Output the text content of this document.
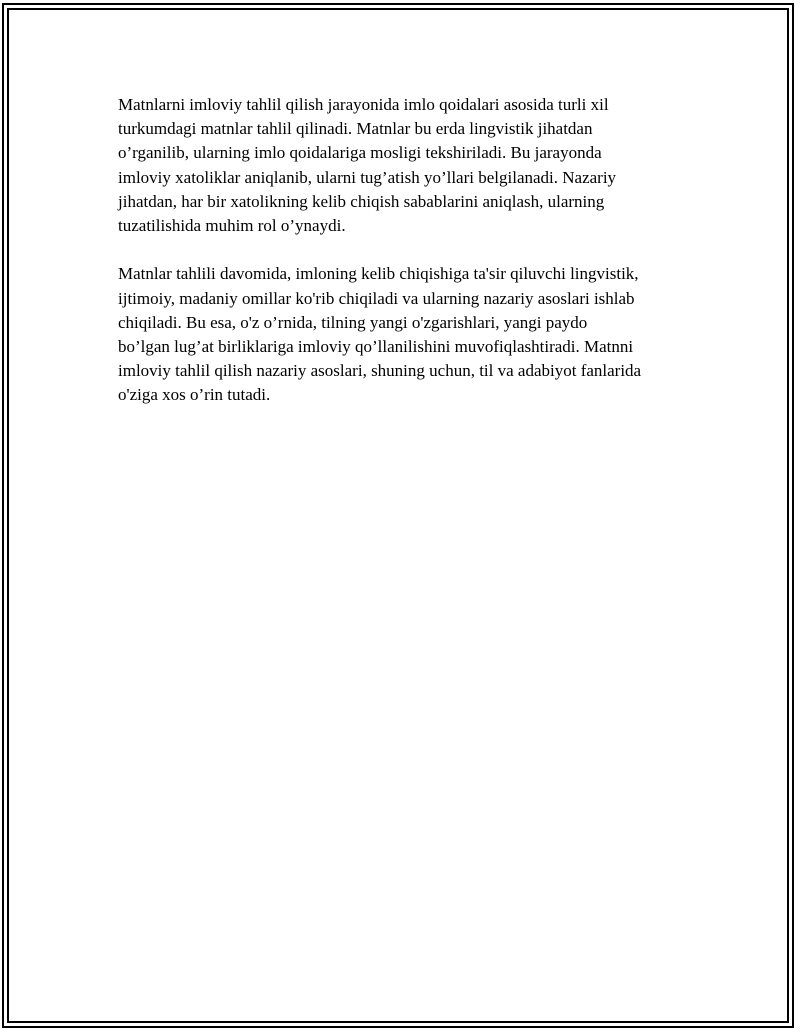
Matnlarni imloviy tahlil qilish jarayonida imlo qoidalari asosida turli xil
turkumdagi matnlar tahlil qilinadi. Matnlar bu erda lingvistik jihatdan
o’rganilib, ularning imlo qoidalariga mosligi tekshiriladi. Bu jarayonda
imloviy xatoliklar aniqlanib, ularni tug’atish yo’llari belgilanadi. Nazariy
jihatdan, har bir xatolikning kelib chiqish sabablarini aniqlash, ularning
tuzatilishida muhim rol o’ynaydi.

Matnlar tahlili davomida, imloning kelib chiqishiga ta'sir qiluvchi lingvistik,
ijtimoiy, madaniy omillar ko'rib chiqiladi va ularning nazariy asoslari ishlab
chiqiladi. Bu esa, o'z o’rnida, tilning yangi o'zgarishlari, yangi paydo
bo’lgan lug’at birliklariga imloviy qo’llanilishini muvofiqlashtiradi. Matnni
imloviy tahlil qilish nazariy asoslari, shuning uchun, til va adabiyot fanlarida
o'ziga xos o’rin tutadi.
